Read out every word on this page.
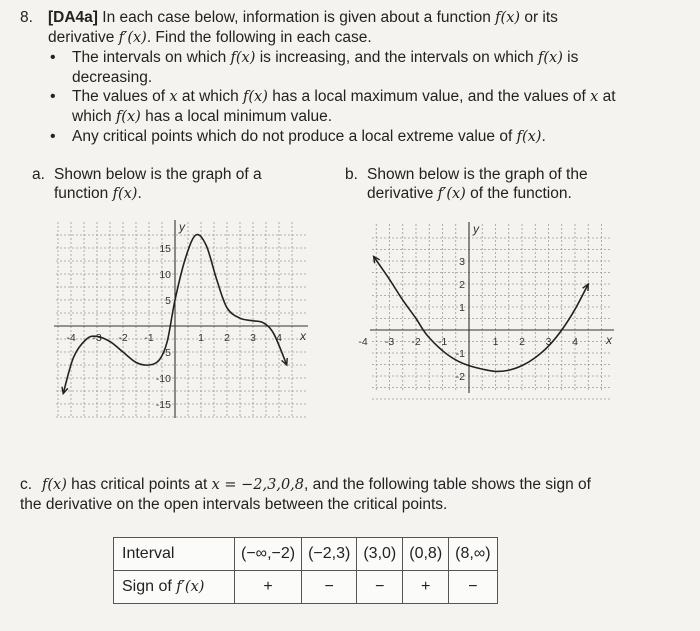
8. [DA4a] In each case below, information is given about a function f(x) or its
derivative f′(x). Find the following in each case.
• The intervals on which f(x) is increasing, and the intervals on which f(x) is
decreasing.
• The values of x at which f(x) has a local maximum value, and the values of x at
which f(x) has a local minimum value.
• Any critical points which do not produce a local extreme value of f(x).
a. Shown below is the graph of a

function f(x).
b. Shown below is the graph of the

derivative f′(x) of the function.
-4 -3 -2 -1	1 2 3 4
15
10
5
-5
-10
-15
x
y
-4 -3 -2 -1	1 2 3 4
3
2
1
-1
-2
x
y
c. f(x) has critical points at x = −2,3,0,8, and the following table shows the sign of
the derivative on the open intervals between the critical points.
Interval	(−∞,−2)	(−2,3)	(3,0)	(0,8)	(8,∞)
Sign of f′(x)	+	−	−	+	−
